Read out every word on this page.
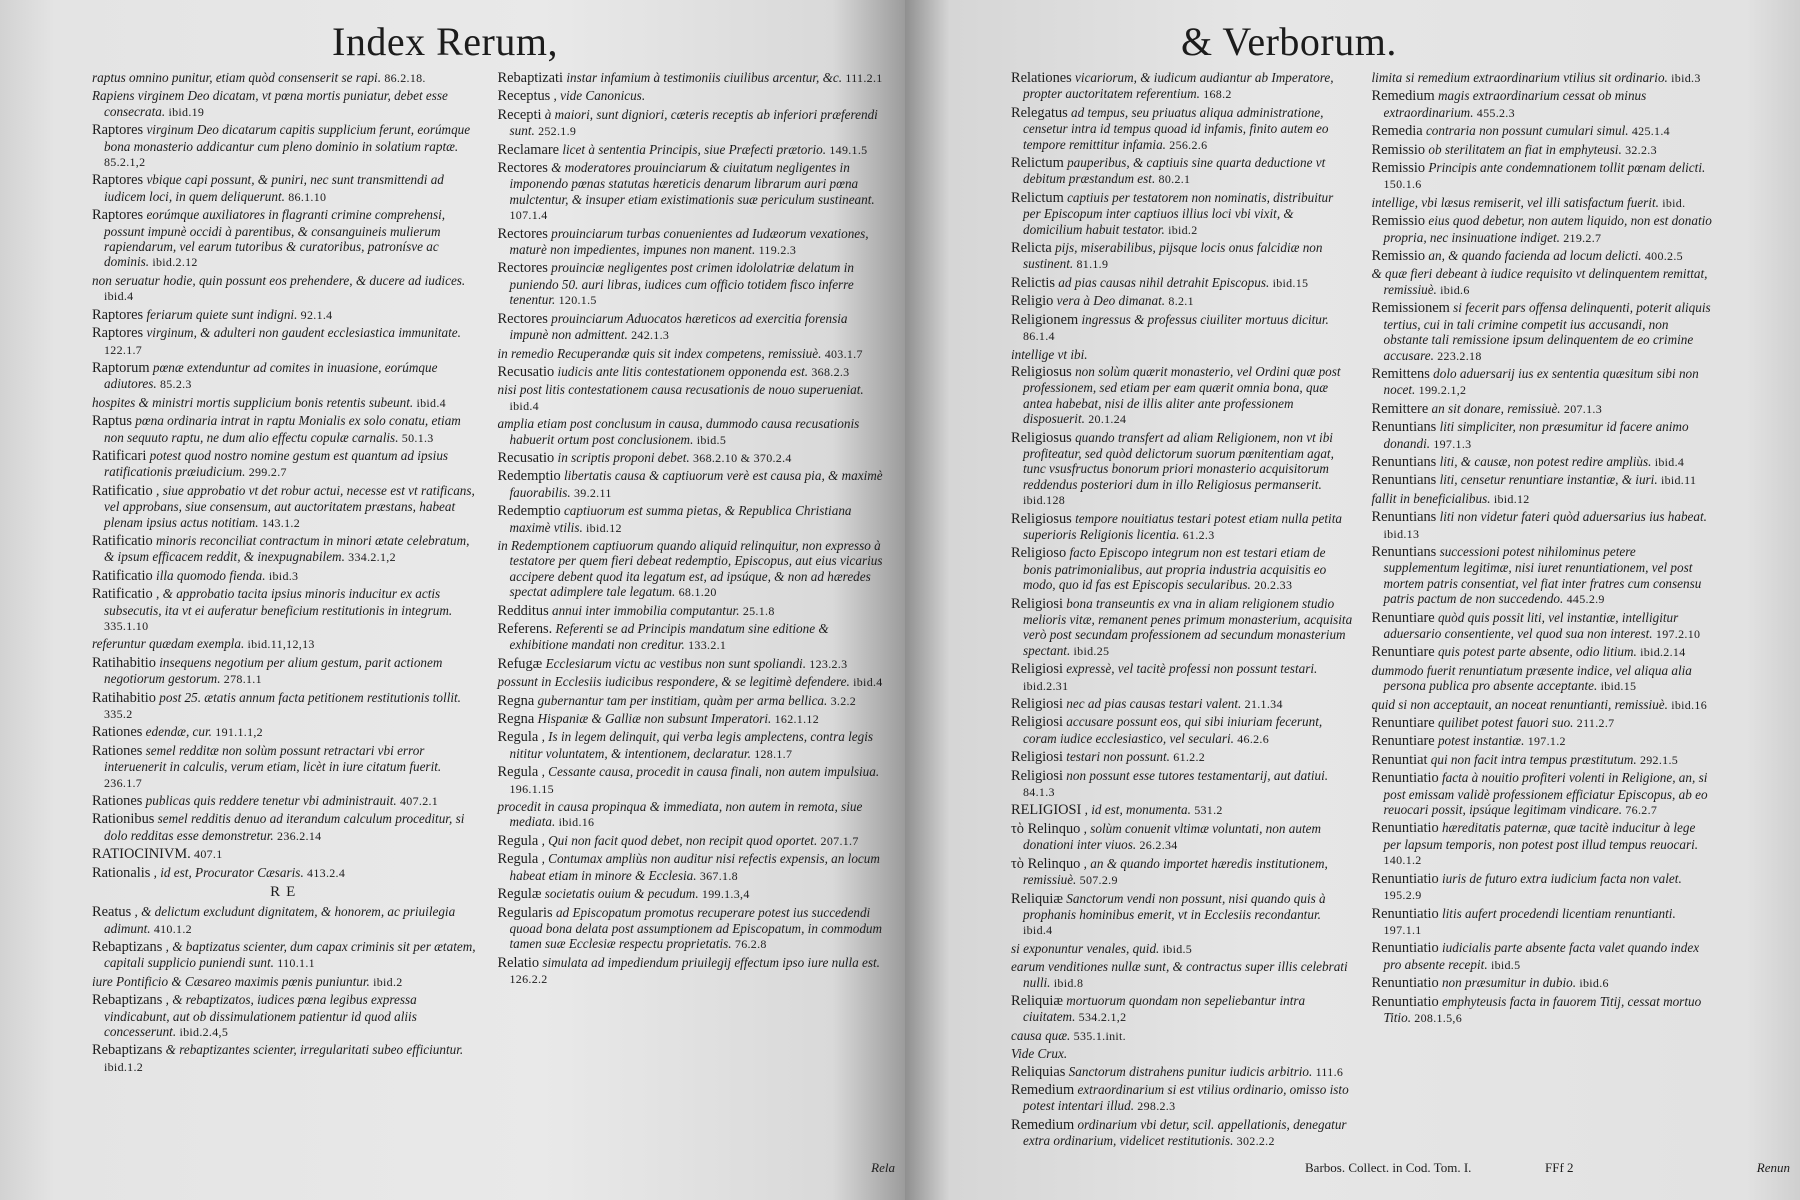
Index Rerum,

raptus omnino punitur, etiam quòd consenserit se rapi. 86.2.18.

Rapiens virginem Deo dicatam, vt pœna mortis puniatur, debet esse consecrata. ibid.19

Raptores virginum Deo dicatarum capitis supplicium ferunt, eorúmque bona monasterio addicantur cum pleno dominio in solatium raptæ. 85.2.1,2

Raptores vbique capi possunt, & puniri, nec sunt transmittendi ad iudicem loci, in quem deliquerunt. 86.1.10

Raptores eorúmque auxiliatores in flagranti crimine comprehensi, possunt impunè occidi à parentibus, & consanguineis mulierum rapiendarum, vel earum tutoribus & curatoribus, patronísve ac dominis. ibid.2.12

non seruatur hodie, quin possunt eos prehendere, & ducere ad iudices. ibid.4

Raptores feriarum quiete sunt indigni. 92.1.4

Raptores virginum, & adulteri non gaudent ecclesiastica immunitate. 122.1.7

Raptorum pœnæ extenduntur ad comites in inuasione, eorúmque adiutores. 85.2.3

hospites & ministri mortis supplicium bonis retentis subeunt. ibid.4

Raptus pœna ordinaria intrat in raptu Monialis ex solo conatu, etiam non sequuto raptu, ne dum alio effectu copulæ carnalis. 50.1.3

Ratificari potest quod nostro nomine gestum est quantum ad ipsius ratificationis præiudicium. 299.2.7

Ratificatio , siue approbatio vt det robur actui, necesse est vt ratificans, vel approbans, siue consensum, aut auctoritatem præstans, habeat plenam ipsius actus notitiam. 143.1.2

Ratificatio minoris reconciliat contractum in minori ætate celebratum, & ipsum efficacem reddit, & inexpugnabilem. 334.2.1,2

Ratificatio illa quomodo fienda. ibid.3

Ratificatio , & approbatio tacita ipsius minoris inducitur ex actis subsecutis, ita vt ei auferatur beneficium restitutionis in integrum. 335.1.10

referuntur quædam exempla. ibid.11,12,13

Ratihabitio insequens negotium per alium gestum, parit actionem negotiorum gestorum. 278.1.1

Ratihabitio post 25. ætatis annum facta petitionem restitutionis tollit. 335.2

Rationes edendæ, cur. 191.1.1,2

Rationes semel redditæ non solùm possunt retractari vbi error interuenerit in calculis, verum etiam, licèt in iure citatum fuerit. 236.1.7

Rationes publicas quis reddere tenetur vbi administrauit. 407.2.1

Rationibus semel redditis denuo ad iterandum calculum proceditur, si dolo redditas esse demonstretur. 236.2.14

RATIOCINIVM. 407.1

Rationalis , id est, Procurator Cæsaris. 413.2.4

RE

Reatus , & delictum excludunt dignitatem, & honorem, ac priuilegia adimunt. 410.1.2

Rebaptizans , & baptizatus scienter, dum capax criminis sit per ætatem, capitali supplicio puniendi sunt. 110.1.1

iure Pontificio & Cæsareo maximis pœnis puniuntur. ibid.2

Rebaptizans , & rebaptizatos, iudices pœna legibus expressa vindicabunt, aut ob dissimulationem patientur id quod aliis concesserunt. ibid.2.4,5

Rebaptizans & rebaptizantes scienter, irregularitati subeo efficiuntur. ibid.1.2

Rebaptizati instar infamium à testimoniis ciuilibus arcentur, &c. 111.2.1

Receptus , vide Canonicus.

Recepti à maiori, sunt digniori, cæteris receptis ab inferiori præferendi sunt. 252.1.9

Reclamare licet à sententia Principis, siue Præfecti prætorio. 149.1.5

Rectores & moderatores prouinciarum & ciuitatum negligentes in imponendo pœnas statutas hæreticis denarum librarum auri pœna mulctentur, & insuper etiam existimationis suæ periculum sustineant. 107.1.4

Rectores prouinciarum turbas conuenientes ad Iudæorum vexationes, maturè non impedientes, impunes non manent. 119.2.3

Rectores prouinciæ negligentes post crimen idololatriæ delatum in puniendo 50. auri libras, iudices cum officio totidem fisco inferre tenentur. 120.1.5

Rectores prouinciarum Aduocatos hæreticos ad exercitia forensia impunè non admittent. 242.1.3

in remedio Recuperandæ quis sit index competens, remissiuè. 403.1.7

Recusatio iudicis ante litis contestationem opponenda est. 368.2.3

nisi post litis contestationem causa recusationis de nouo superueniat. ibid.4

amplia etiam post conclusum in causa, dummodo causa recusationis habuerit ortum post conclusionem. ibid.5

Recusatio in scriptis proponi debet. 368.2.10 & 370.2.4

Redemptio libertatis causa & captiuorum verè est causa pia, & maximè fauorabilis. 39.2.11

Redemptio captiuorum est summa pietas, & Republica Christiana maximè vtilis. ibid.12

in Redemptionem captiuorum quando aliquid relinquitur, non expresso à testatore per quem fieri debeat redemptio, Episcopus, aut eius vicarius accipere debent quod ita legatum est, ad ipsúque, & non ad hæredes spectat adimplere tale legatum. 68.1.20

Redditus annui inter immobilia computantur. 25.1.8

Referens. Referenti se ad Principis mandatum sine editione & exhibitione mandati non creditur. 133.2.1

Refugæ Ecclesiarum victu ac vestibus non sunt spoliandi. 123.2.3

possunt in Ecclesiis iudicibus respondere, & se legitimè defendere. ibid.4

Regna gubernantur tam per institiam, quàm per arma bellica. 3.2.2

Regna Hispaniæ & Galliæ non subsunt Imperatori. 162.1.12

Regula , Is in legem delinquit, qui verba legis amplectens, contra legis nititur voluntatem, & intentionem, declaratur. 128.1.7

Regula , Cessante causa, procedit in causa finali, non autem impulsiua. 196.1.15

procedit in causa propinqua & immediata, non autem in remota, siue mediata. ibid.16

Regula , Qui non facit quod debet, non recipit quod oportet. 207.1.7

Regula , Contumax ampliùs non auditur nisi refectis expensis, an locum habeat etiam in minore & Ecclesia. 367.1.8

Regulæ societatis ouium & pecudum. 199.1.3,4

Regularis ad Episcopatum promotus recuperare potest ius succedendi quoad bona delata post assumptionem ad Episcopatum, in commodum tamen suæ Ecclesiæ respectu proprietatis. 76.2.8

Relatio simulata ad impediendum priuilegij effectum ipso iure nulla est. 126.2.2

Rela
& Verborum.

Relationes vicariorum, & iudicum audiantur ab Imperatore, propter auctoritatem referentium. 168.2

Relegatus ad tempus, seu priuatus aliqua administratione, censetur intra id tempus quoad id infamis, finito autem eo tempore remittitur infamia. 256.2.6

Relictum pauperibus, & captiuis sine quarta deductione vt debitum præstandum est. 80.2.1

Relictum captiuis per testatorem non nominatis, distribuitur per Episcopum inter captiuos illius loci vbi vixit, & domicilium habuit testator. ibid.2

Relicta pijs, miserabilibus, pijsque locis onus falcidiæ non sustinent. 81.1.9

Relictis ad pias causas nihil detrahit Episcopus. ibid.15

Religio vera à Deo dimanat. 8.2.1

Religionem ingressus & professus ciuiliter mortuus dicitur. 86.1.4

intellige vt ibi.

Religiosus non solùm quærit monasterio, vel Ordini quæ post professionem, sed etiam per eam quærit omnia bona, quæ antea habebat, nisi de illis aliter ante professionem disposuerit. 20.1.24

Religiosus quando transfert ad aliam Religionem, non vt ibi profiteatur, sed quòd delictorum suorum pœnitentiam agat, tunc vsusfructus bonorum priori monasterio acquisitorum reddendus posteriori dum in illo Religiosus permanserit. ibid.128

Religiosus tempore nouitiatus testari potest etiam nulla petita superioris Religionis licentia. 61.2.3

Religioso facto Episcopo integrum non est testari etiam de bonis patrimonialibus, aut propria industria acquisitis eo modo, quo id fas est Episcopis secularibus. 20.2.33

Religiosi bona transeuntis ex vna in aliam religionem studio melioris vitæ, remanent penes primum monasterium, acquisita verò post secundam professionem ad secundum monasterium spectant. ibid.25

Religiosi expressè, vel tacitè professi non possunt testari. ibid.2.31

Religiosi nec ad pias causas testari valent. 21.1.34

Religiosi accusare possunt eos, qui sibi iniuriam fecerunt, coram iudice ecclesiastico, vel seculari. 46.2.6

Religiosi testari non possunt. 61.2.2

Religiosi non possunt esse tutores testamentarij, aut datiui. 84.1.3

RELIGIOSI , id est, monumenta. 531.2

τὸ Relinquo , solùm conuenit vltimæ voluntati, non autem donationi inter viuos. 26.2.34

τὸ Relinquo , an & quando importet hæredis institutionem, remissiuè. 507.2.9

Reliquiæ Sanctorum vendi non possunt, nisi quando quis à prophanis hominibus emerit, vt in Ecclesiis recondantur. ibid.4

si exponuntur venales, quid. ibid.5

earum venditiones nullæ sunt, & contractus super illis celebrati nulli. ibid.8

Reliquiæ mortuorum quondam non sepeliebantur intra ciuitatem. 534.2.1,2

causa quæ. 535.1.init.

Vide Crux.

Reliquias Sanctorum distrahens punitur iudicis arbitrio. 111.6

Remedium extraordinarium si est vtilius ordinario, omisso isto potest intentari illud. 298.2.3

Remedium ordinarium vbi detur, scil. appellationis, denegatur extra ordinarium, videlicet restitutionis. 302.2.2

limita si remedium extraordinarium vtilius sit ordinario. ibid.3

Remedium magis extraordinarium cessat ob minus extraordinarium. 455.2.3

Remedia contraria non possunt cumulari simul. 425.1.4

Remissio ob sterilitatem an fiat in emphyteusi. 32.2.3

Remissio Principis ante condemnationem tollit pœnam delicti. 150.1.6

intellige, vbi læsus remiserit, vel illi satisfactum fuerit. ibid.

Remissio eius quod debetur, non autem liquido, non est donatio propria, nec insinuatione indiget. 219.2.7

Remissio an, & quando facienda ad locum delicti. 400.2.5

& quæ fieri debeant à iudice requisito vt delinquentem remittat, remissiuè. ibid.6

Remissionem si fecerit pars offensa delinquenti, poterit aliquis tertius, cui in tali crimine competit ius accusandi, non obstante tali remissione ipsum delinquentem de eo crimine accusare. 223.2.18

Remittens dolo aduersarij ius ex sententia quæsitum sibi non nocet. 199.2.1,2

Remittere an sit donare, remissiuè. 207.1.3

Renuntians liti simpliciter, non præsumitur id facere animo donandi. 197.1.3

Renuntians liti, & causæ, non potest redire ampliùs. ibid.4

Renuntians liti, censetur renuntiare instantiæ, & iuri. ibid.11

fallit in beneficialibus. ibid.12

Renuntians liti non videtur fateri quòd aduersarius ius habeat. ibid.13

Renuntians successioni potest nihilominus petere supplementum legitimæ, nisi iuret renuntiationem, vel post mortem patris consentiat, vel fiat inter fratres cum consensu patris pactum de non succedendo. 445.2.9

Renuntiare quòd quis possit liti, vel instantiæ, intelligitur aduersario consentiente, vel quod sua non interest. 197.2.10

Renuntiare quis potest parte absente, odio litium. ibid.2.14

dummodo fuerit renuntiatum præsente indice, vel aliqua alia persona publica pro absente acceptante. ibid.15

quid si non acceptauit, an noceat renuntianti, remissiuè. ibid.16

Renuntiare quilibet potest fauori suo. 211.2.7

Renuntiare potest instantiæ. 197.1.2

Renuntiat qui non facit intra tempus præstitutum. 292.1.5

Renuntiatio facta à nouitio profiteri volenti in Religione, an, si post emissam validè professionem efficiatur Episcopus, ab eo reuocari possit, ipsúque legitimam vindicare. 76.2.7

Renuntiatio hæreditatis paternæ, quæ tacitè inducitur à lege per lapsum temporis, non potest post illud tempus reuocari. 140.1.2

Renuntiatio iuris de futuro extra iudicium facta non valet. 195.2.9

Renuntiatio litis aufert procedendi licentiam renuntianti. 197.1.1

Renuntiatio iudicialis parte absente facta valet quando index pro absente recepit. ibid.5

Renuntiatio non præsumitur in dubio. ibid.6

Renuntiatio emphyteusis facta in fauorem Titij, cessat mortuo Titio. 208.1.5,6

Barbos. Collect. in Cod. Tom. I.	FFf 2	Renun
